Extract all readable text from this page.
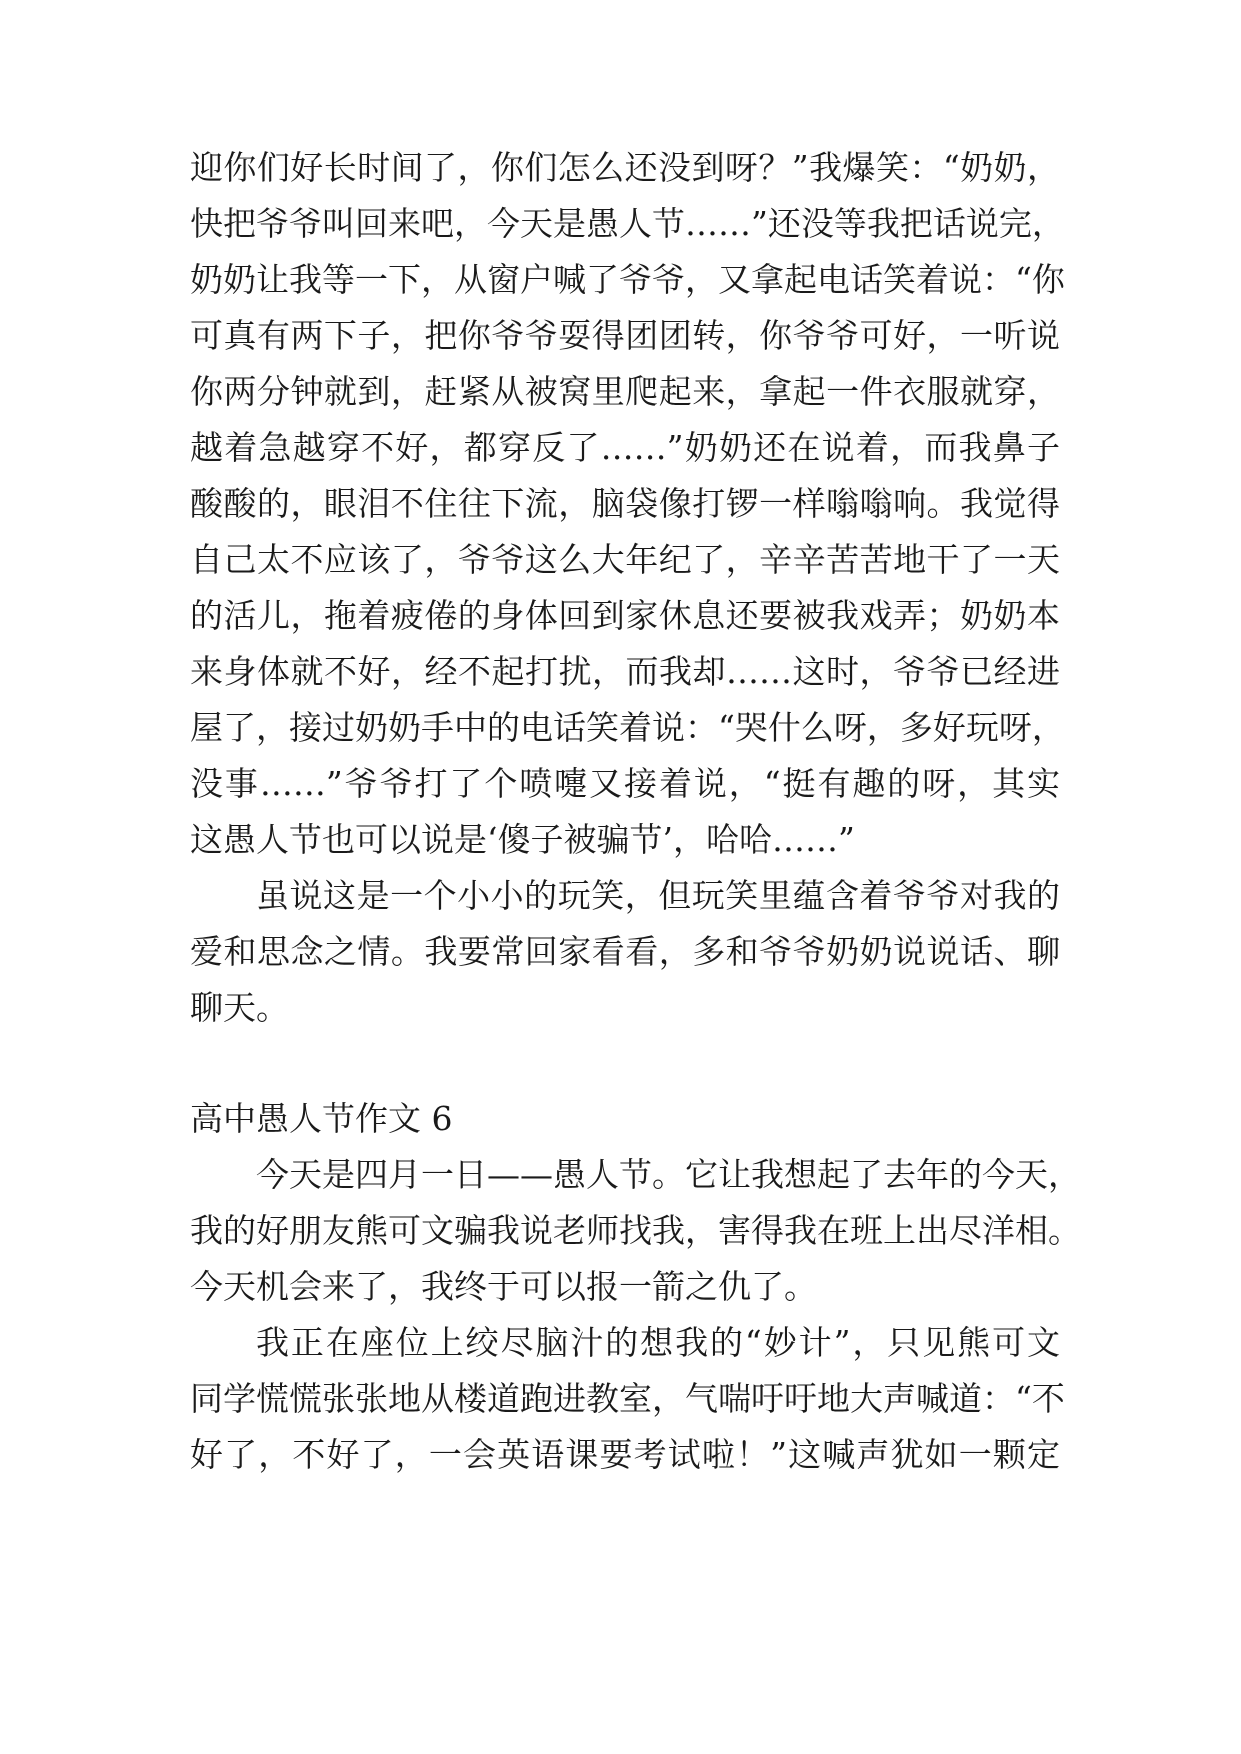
迎你们好长时间了，你们怎么还没到呀？”我爆笑：“奶奶，
快把爷爷叫回来吧，今天是愚人节……”还没等我把话说完，
奶奶让我等一下，从窗户喊了爷爷，又拿起电话笑着说：“你
可真有两下子，把你爷爷耍得团团转，你爷爷可好，一听说
你两分钟就到，赶紧从被窝里爬起来，拿起一件衣服就穿，
越着急越穿不好，都穿反了……”奶奶还在说着，而我鼻子
酸酸的，眼泪不住往下流，脑袋像打锣一样嗡嗡响。我觉得
自己太不应该了，爷爷这么大年纪了，辛辛苦苦地干了一天
的活儿，拖着疲倦的身体回到家休息还要被我戏弄；奶奶本
来身体就不好，经不起打扰，而我却……这时，爷爷已经进
屋了，接过奶奶手中的电话笑着说：“哭什么呀，多好玩呀，
没事……”爷爷打了个喷嚏又接着说，“挺有趣的呀，其实
这愚人节也可以说是‘傻子被骗节’，哈哈……”
虽说这是一个小小的玩笑，但玩笑里蕴含着爷爷对我的
爱和思念之情。我要常回家看看，多和爷爷奶奶说说话、聊
聊天。
高中愚人节作文 6
今天是四月一日——愚人节。它让我想起了去年的今天，
我的好朋友熊可文骗我说老师找我，害得我在班上出尽洋相。
今天机会来了，我终于可以报一箭之仇了。
我正在座位上绞尽脑汁的想我的“妙计”，只见熊可文
同学慌慌张张地从楼道跑进教室，气喘吁吁地大声喊道：“不
好了，不好了，一会英语课要考试啦！”这喊声犹如一颗定
